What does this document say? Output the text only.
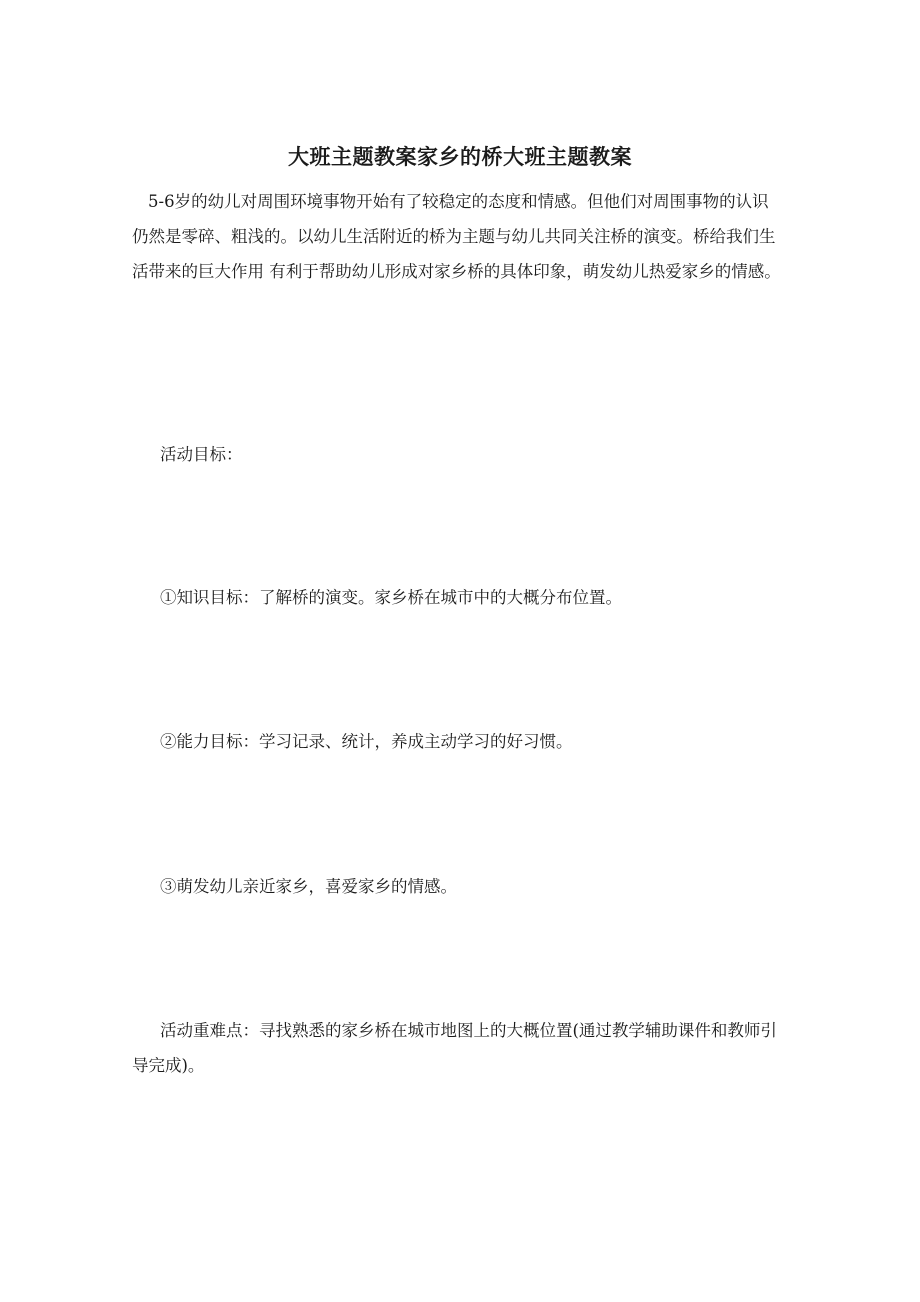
大班主题教案家乡的桥大班主题教案

5-6岁的幼儿对周围环境事物开始有了较稳定的态度和情感。但他们对周围事物的认识仍然是零碎、粗浅的。以幼儿生活附近的桥为主题与幼儿共同关注桥的演变。桥给我们生活带来的巨大作用 有利于帮助幼儿形成对家乡桥的具体印象，萌发幼儿热爱家乡的情感。

活动目标：

①知识目标：了解桥的演变。家乡桥在城市中的大概分布位置。

②能力目标：学习记录、统计，养成主动学习的好习惯。

③萌发幼儿亲近家乡，喜爱家乡的情感。

活动重难点：寻找熟悉的家乡桥在城市地图上的大概位置(通过教学辅助课件和教师引导完成)。
